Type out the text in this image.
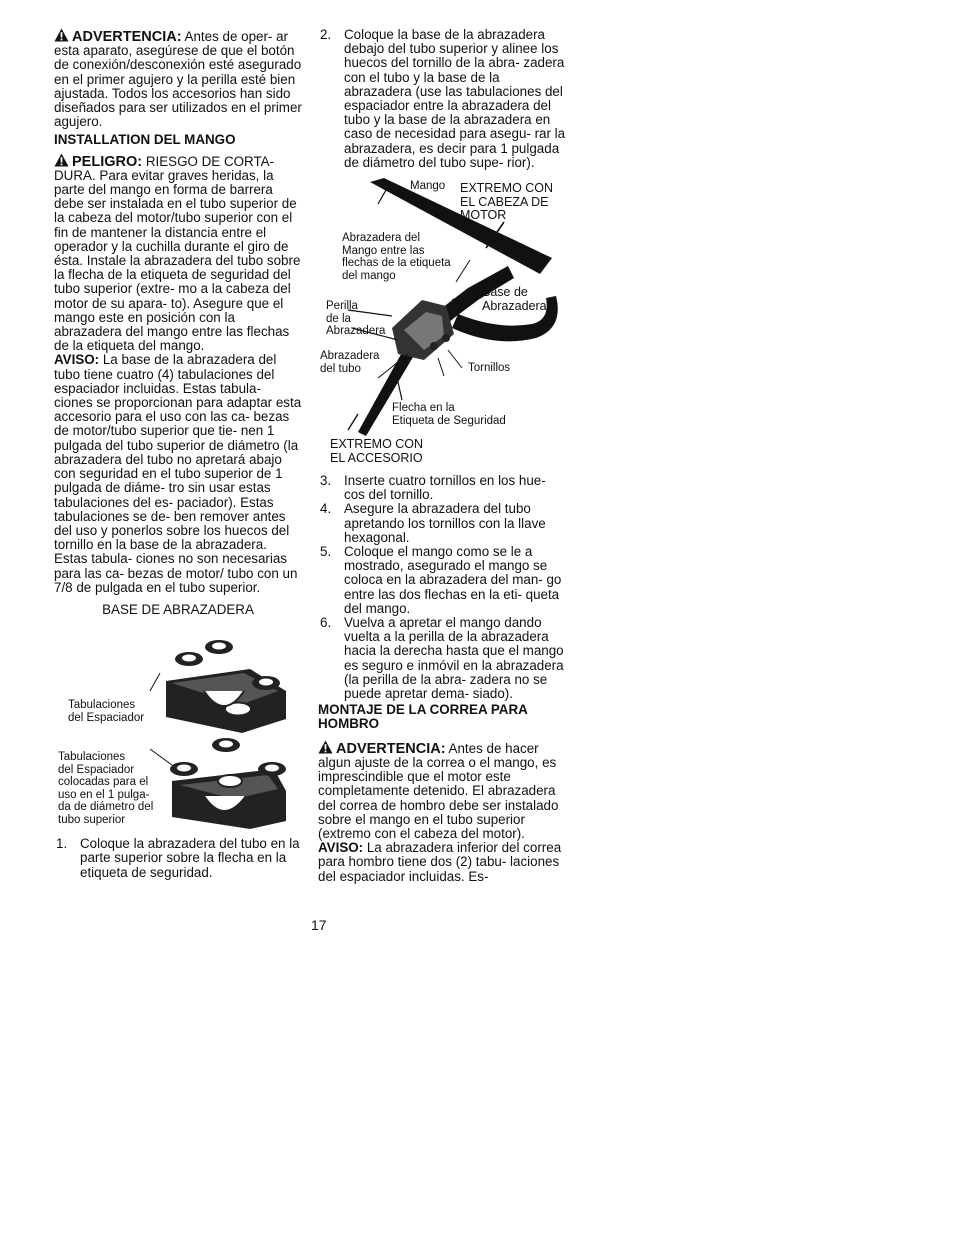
ADVERTENCIA: Antes de oper- ar esta aparato, asegúrese de que el botón de conexión/desconexión esté asegurado en el primer agujero y la perilla esté bien ajustada. Todos los accesorios han sido diseñados para ser utilizados en el primer agujero.

INSTALLATION DEL MANGO

PELIGRO: RIESGO DE CORTA- DURA. Para evitar graves heridas, la parte del mango en forma de barrera debe ser instalada en el tubo superior de la cabeza del motor/tubo superior con el fin de mantener la distancia entre el operador y la cuchilla durante el giro de ésta. Instale la abrazadera del tubo sobre la flecha de la etiqueta de seguridad del tubo superior (extre- mo a la cabeza del motor de su apara- to). Asegure que el mango este en posición con la abrazadera del mango entre las flechas de la etiqueta del mango.

AVISO: La base de la abrazadera del tubo tiene cuatro (4) tabulaciones del espaciador incluidas. Estas tabula- ciones se proporcionan para adaptar esta accesorio para el uso con las ca- bezas de motor/tubo superior que tie- nen 1 pulgada del tubo superior de diámetro (la abrazadera del tubo no apretará abajo con seguridad en el tubo superior de 1 pulgada de diáme- tro sin usar estas tabulaciones del es- paciador). Estas tabulaciones se de- ben remover antes del uso y ponerlos sobre los huecos del tornillo en la base de la abrazadera. Estas tabula- ciones no son necesarias para las ca- bezas de motor/ tubo con un 7/8 de pulgada en el tubo superior.

BASE DE ABRAZADERA

Tabulaciones
del Espaciador
Tabulaciones
del Espaciador
colocadas para el
uso en el 1 pulga-
da de diámetro del
tubo superior
1. Coloque la abrazadera del tubo en la parte superior sobre la flecha en la etiqueta de seguridad.
2. Coloque la base de la abrazadera debajo del tubo superior y alinee los huecos del tornillo de la abra- zadera con el tubo y la base de la abrazadera (use las tabulaciones del espaciador entre la abrazadera del tubo y la base de la abrazadera en caso de necesidad para asegu- rar la abrazadera, es decir para 1 pulgada de diámetro del tubo supe- rior).
Mango EXTREMO CON
EL CABEZA DE
MOTOR
Abrazadera del
Mango entre las
flechas de la etiqueta
del mango
Base de
Abrazadera
Perilla
de la
Abrazadera
Abrazadera
del tubo	Tornillos
Flecha en la
Etiqueta de Seguridad
EXTREMO CON
EL ACCESORIO
3. Inserte cuatro tornillos en los hue- cos del tornillo.
4. Asegure la abrazadera del tubo apretando los tornillos con la llave hexagonal.
5. Coloque el mango como se le a mostrado, asegurado el mango se coloca en la abrazadera del man- go entre las dos flechas en la eti- queta del mango.
6. Vuelva a apretar el mango dando vuelta a la perilla de la abrazadera hacia la derecha hasta que el mango es seguro e inmóvil en la abrazadera (la perilla de la abra- zadera no se puede apretar dema- siado).

MONTAJE DE LA CORREA PARA HOMBRO

ADVERTENCIA: Antes de hacer algun ajuste de la correa o el mango, es imprescindible que el motor este completamente detenido. El abrazadera del correa de hombro debe ser instalado sobre el mango en el tubo superior (extremo con el cabeza del motor).

AVISO: La abrazadera inferior del correa para hombro tiene dos (2) tabu- laciones del espaciador incluidas. Es-

17
